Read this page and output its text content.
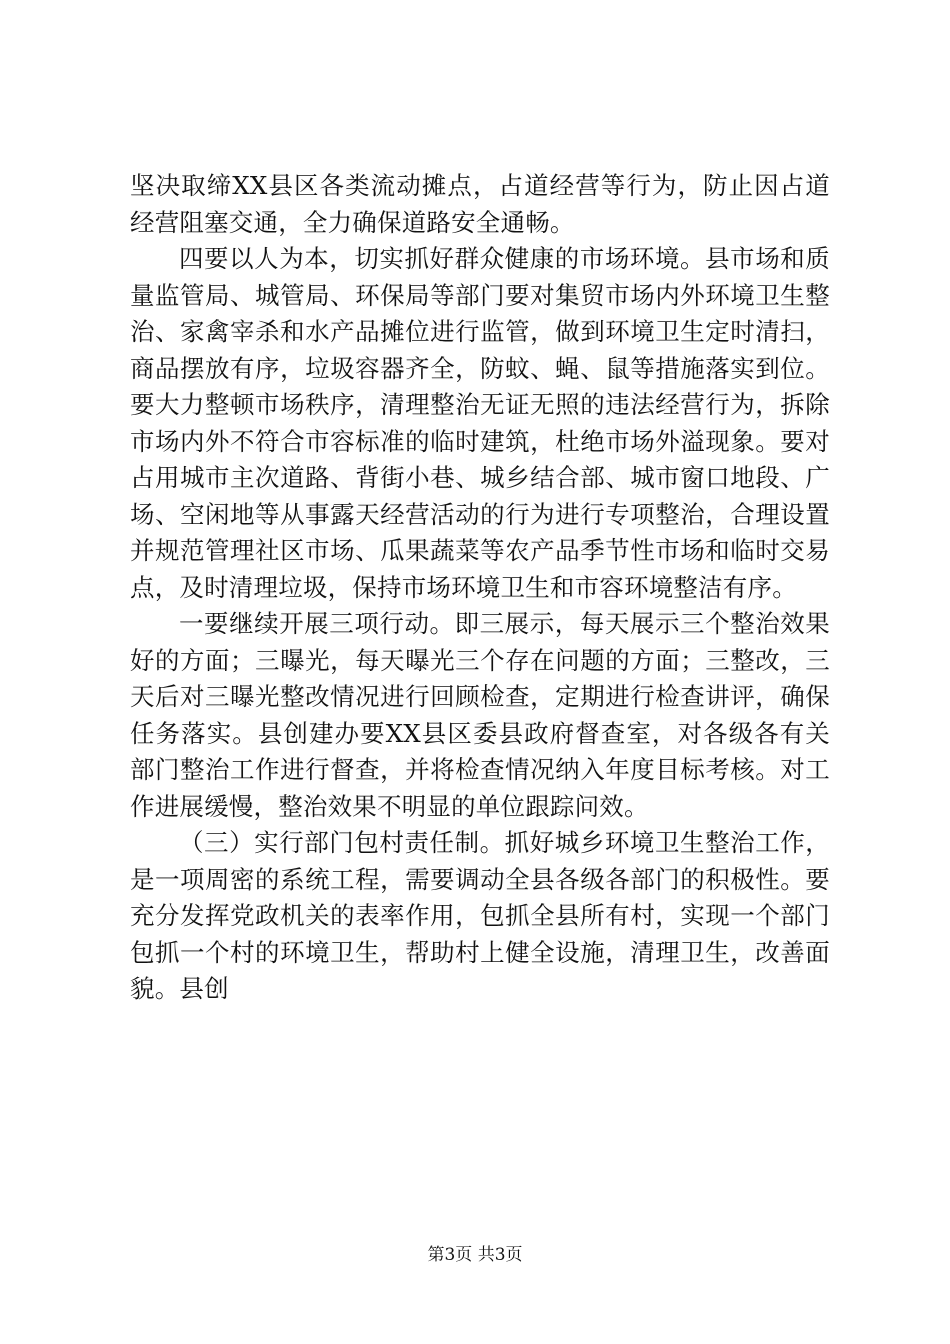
坚决取缔XX县区各类流动摊点，占道经营等行为，防止因占道经营阻塞交通，全力确保道路安全通畅。

四要以人为本，切实抓好群众健康的市场环境。县市场和质量监管局、城管局、环保局等部门要对集贸市场内外环境卫生整治、家禽宰杀和水产品摊位进行监管，做到环境卫生定时清扫，商品摆放有序，垃圾容器齐全，防蚊、蝇、鼠等措施落实到位。要大力整顿市场秩序，清理整治无证无照的违法经营行为，拆除市场内外不符合市容标准的临时建筑，杜绝市场外溢现象。要对占用城市主次道路、背街小巷、城乡结合部、城市窗口地段、广场、空闲地等从事露天经营活动的行为进行专项整治，合理设置并规范管理社区市场、瓜果蔬菜等农产品季节性市场和临时交易点，及时清理垃圾，保持市场环境卫生和市容环境整洁有序。

一要继续开展三项行动。即三展示，每天展示三个整治效果好的方面；三曝光，每天曝光三个存在问题的方面；三整改，三天后对三曝光整改情况进行回顾检查，定期进行检查讲评，确保任务落实。县创建办要XX县区委县政府督查室，对各级各有关部门整治工作进行督查，并将检查情况纳入年度目标考核。对工作进展缓慢，整治效果不明显的单位跟踪问效。

（三）实行部门包村责任制。抓好城乡环境卫生整治工作，是一项周密的系统工程，需要调动全县各级各部门的积极性。要充分发挥党政机关的表率作用，包抓全县所有村，实现一个部门包抓一个村的环境卫生，帮助村上健全设施，清理卫生，改善面貌。县创

第3页 共3页
